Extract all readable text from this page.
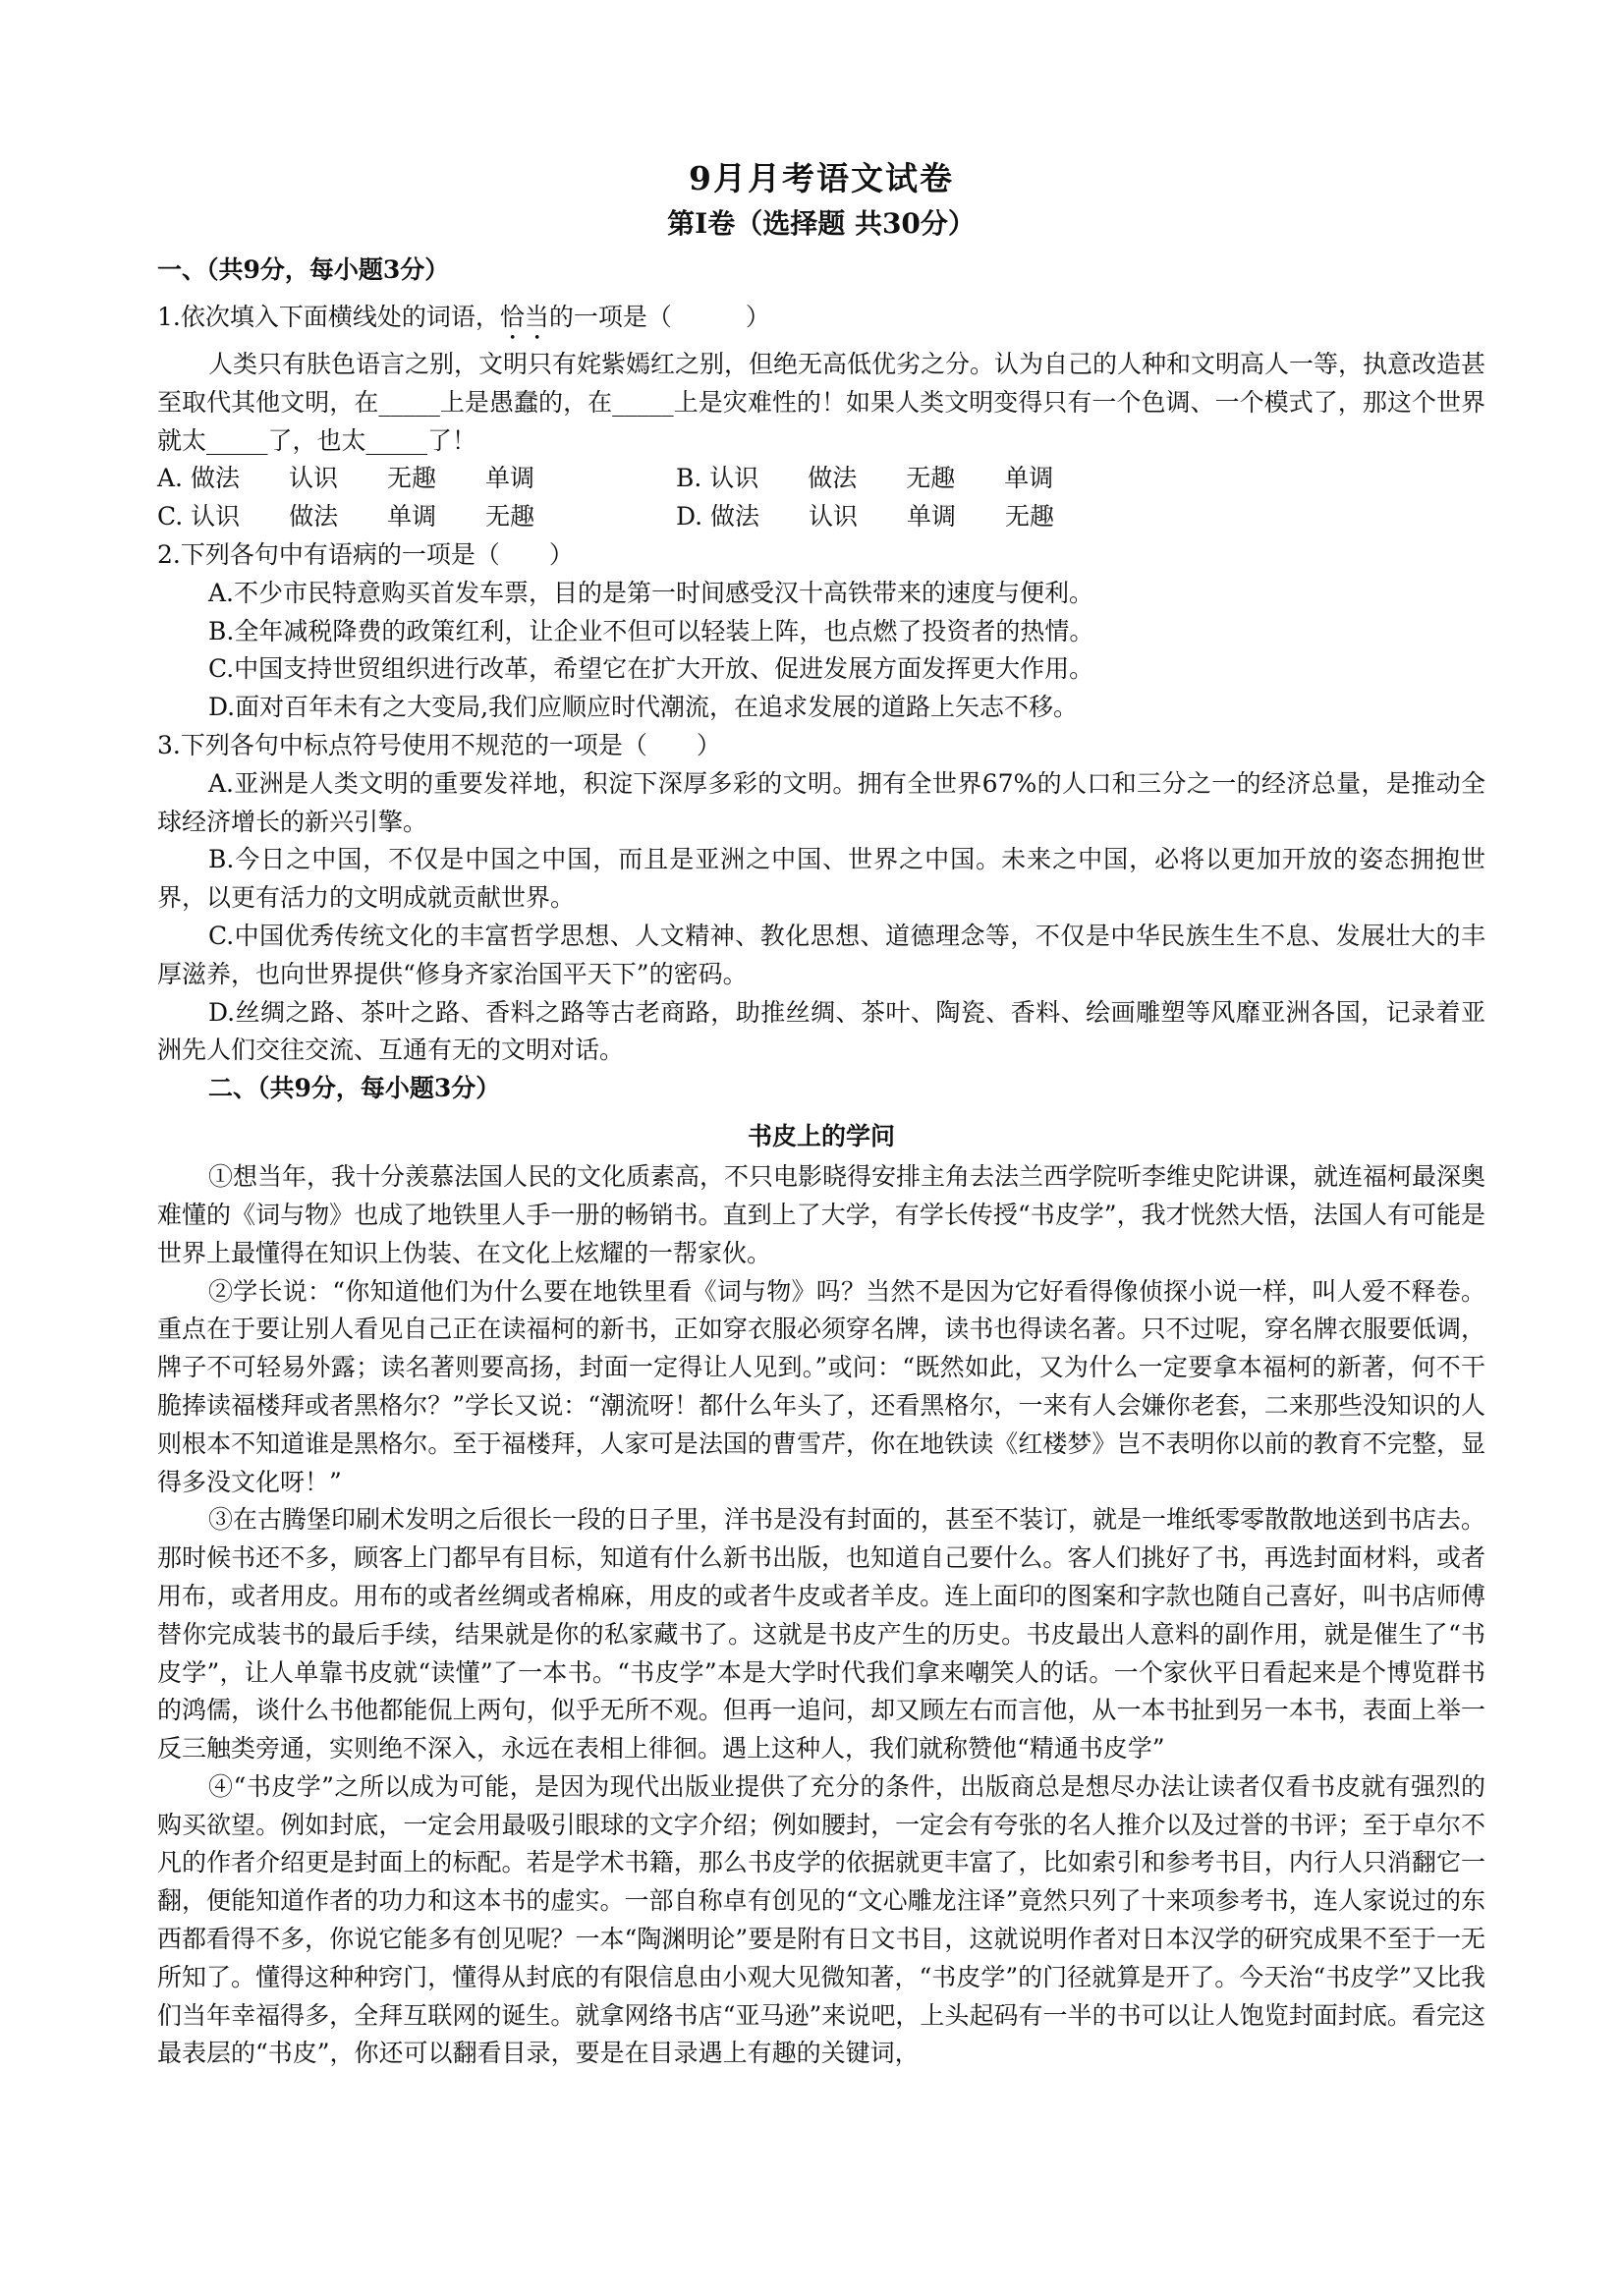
9月月考语文试卷
第Ⅰ卷（选择题 共30分）
一、（共9分，每小题3分）

1.依次填入下面横线处的词语，恰当的一项是（　　　）

人类只有肤色语言之别，文明只有姹紫嫣红之别，但绝无高低优劣之分。认为自己的人种和文明高人一等，执意改造甚至取代其他文明，在_____上是愚蠢的，在_____上是灾难性的！如果人类文明变得只有一个色调、一个模式了，那这个世界就太_____了，也太_____了！

A. 做法　　认识　　无趣　　单调	B. 认识　　做法　　无趣　　单调
C. 认识　　做法　　单调　　无趣	D. 做法　　认识　　单调　　无趣

2.下列各句中有语病的一项是（　　）

A.不少市民特意购买首发车票，目的是第一时间感受汉十高铁带来的速度与便利。

B.全年减税降费的政策红利，让企业不但可以轻装上阵，也点燃了投资者的热情。

C.中国支持世贸组织进行改革，希望它在扩大开放、促进发展方面发挥更大作用。

D.面对百年未有之大变局,我们应顺应时代潮流，在追求发展的道路上矢志不移。

3.下列各句中标点符号使用不规范的一项是（　　）

A.亚洲是人类文明的重要发祥地，积淀下深厚多彩的文明。拥有全世界67%的人口和三分之一的经济总量，是推动全球经济增长的新兴引擎。

B.今日之中国，不仅是中国之中国，而且是亚洲之中国、世界之中国。未来之中国，必将以更加开放的姿态拥抱世界，以更有活力的文明成就贡献世界。

C.中国优秀传统文化的丰富哲学思想、人文精神、教化思想、道德理念等，不仅是中华民族生生不息、发展壮大的丰厚滋养，也向世界提供“修身齐家治国平天下”的密码。

D.丝绸之路、茶叶之路、香料之路等古老商路，助推丝绸、茶叶、陶瓷、香料、绘画雕塑等风靡亚洲各国，记录着亚洲先人们交往交流、互通有无的文明对话。

二、（共9分，每小题3分）
书皮上的学问

①想当年，我十分羡慕法国人民的文化质素高，不只电影晓得安排主角去法兰西学院听李维史陀讲课，就连福柯最深奥难懂的《词与物》也成了地铁里人手一册的畅销书。直到上了大学，有学长传授“书皮学”，我才恍然大悟，法国人有可能是世界上最懂得在知识上伪装、在文化上炫耀的一帮家伙。

②学长说：“你知道他们为什么要在地铁里看《词与物》吗？当然不是因为它好看得像侦探小说一样，叫人爱不释卷。重点在于要让别人看见自己正在读福柯的新书，正如穿衣服必须穿名牌，读书也得读名著。只不过呢，穿名牌衣服要低调，牌子不可轻易外露；读名著则要高扬，封面一定得让人见到。”或问：“既然如此，又为什么一定要拿本福柯的新著，何不干脆捧读福楼拜或者黑格尔？”学长又说：“潮流呀！都什么年头了，还看黑格尔，一来有人会嫌你老套，二来那些没知识的人则根本不知道谁是黑格尔。至于福楼拜，人家可是法国的曹雪芹，你在地铁读《红楼梦》岂不表明你以前的教育不完整，显得多没文化呀！”

③在古腾堡印刷术发明之后很长一段的日子里，洋书是没有封面的，甚至不装订，就是一堆纸零零散散地送到书店去。那时候书还不多，顾客上门都早有目标，知道有什么新书出版，也知道自己要什么。客人们挑好了书，再选封面材料，或者用布，或者用皮。用布的或者丝绸或者棉麻，用皮的或者牛皮或者羊皮。连上面印的图案和字款也随自己喜好，叫书店师傅替你完成装书的最后手续，结果就是你的私家藏书了。这就是书皮产生的历史。书皮最出人意料的副作用，就是催生了“书皮学”，让人单靠书皮就“读懂”了一本书。“书皮学”本是大学时代我们拿来嘲笑人的话。一个家伙平日看起来是个博览群书的鸿儒，谈什么书他都能侃上两句，似乎无所不观。但再一追问，却又顾左右而言他，从一本书扯到另一本书，表面上举一反三触类旁通，实则绝不深入，永远在表相上徘徊。遇上这种人，我们就称赞他“精通书皮学”

④“书皮学”之所以成为可能，是因为现代出版业提供了充分的条件，出版商总是想尽办法让读者仅看书皮就有强烈的购买欲望。例如封底，一定会用最吸引眼球的文字介绍；例如腰封，一定会有夸张的名人推介以及过誉的书评；至于卓尔不凡的作者介绍更是封面上的标配。若是学术书籍，那么书皮学的依据就更丰富了，比如索引和参考书目，内行人只消翻它一翻，便能知道作者的功力和这本书的虚实。一部自称卓有创见的“文心雕龙注译”竟然只列了十来项参考书，连人家说过的东西都看得不多，你说它能多有创见呢？一本“陶渊明论”要是附有日文书目，这就说明作者对日本汉学的研究成果不至于一无所知了。懂得这种种窍门，懂得从封底的有限信息由小观大见微知著，“书皮学”的门径就算是开了。今天治“书皮学”又比我们当年幸福得多，全拜互联网的诞生。就拿网络书店“亚马逊”来说吧，上头起码有一半的书可以让人饱览封面封底。看完这最表层的“书皮”，你还可以翻看目录，要是在目录遇上有趣的关键词，
